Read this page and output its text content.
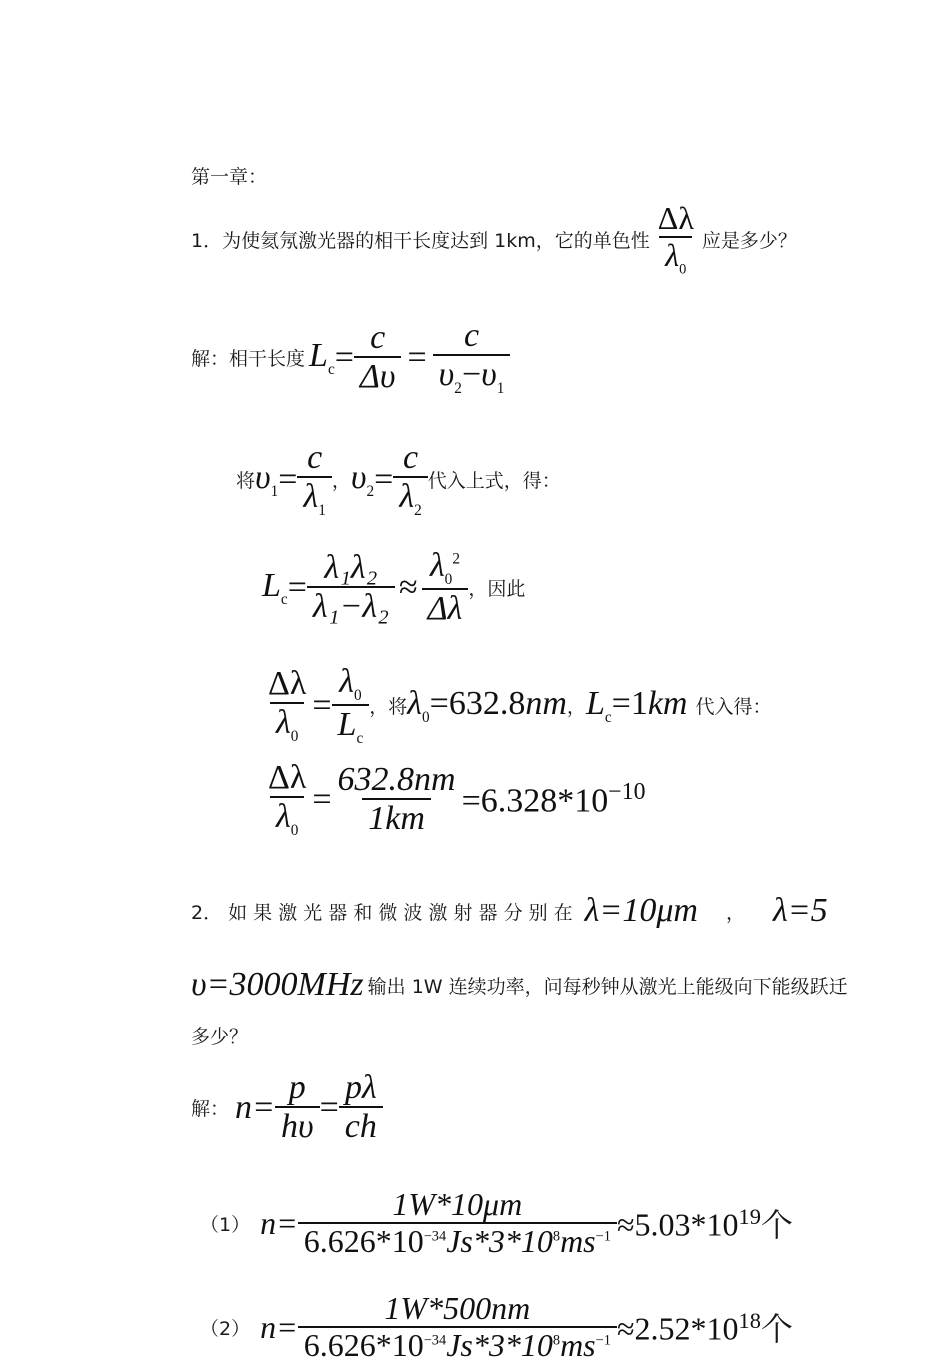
第一章：
1．为使氦氖激光器的相干长度达到 1km，它的单色性 $\frac{\Delta\lambda}{\lambda_0}$ 应是多少？
解：相干长度 $L_c = \frac{c}{\Delta\upsilon} = \frac{c}{\upsilon_2-\upsilon_1}$
将 $\upsilon_1 = \frac{c}{\lambda_1}$ ， $\upsilon_2 = \frac{c}{\lambda_2}$ 代入上式，得：
$L_c = \frac{\text{λ₁λ₂}}{\text{λ₁−λ₂}} \approx \frac{\lambda_0^2}{\Delta\lambda}$ ，因此
$\frac{\Delta\lambda}{\lambda_0} = \frac{\lambda_0}{L_c}$ ，将 $\lambda_0=632.8nm$ ， $L_c=1km$ 代入得：
$\frac{\Delta\lambda}{\lambda_0} = \frac{632.8nm}{1km} =6.328*10^{-10}$
2． 如 果 激 光 器 和 微 波 激 射 器 分 别 在 λ=10μm ， λ=5
υ=3000MHz 输出 1W 连续功率，问每秒钟从激光上能级向下能级跃迁
多少？
解： $n= \frac{p}{h\upsilon} = \frac{p\lambda}{ch}$
（1） $n= \frac{1W*10\mu m}{6.626*10^{-34}Js*3*10^8ms^{-1}} \approx 5.03*10^{19}$ 个
（2） $n= \frac{1W*500nm}{6.626*10^{-34}Js*3*10^8ms^{-1}} \approx 2.52*10^{18}$ 个
